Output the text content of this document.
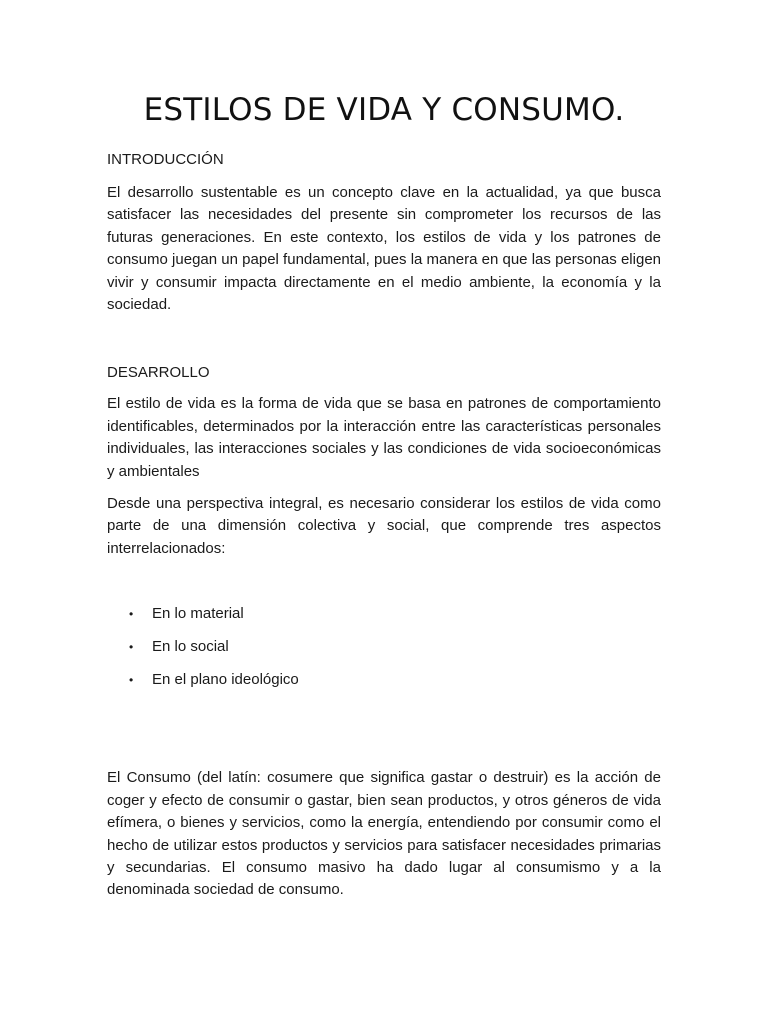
ESTILOS DE VIDA Y CONSUMO.

INTRODUCCIÓN

El desarrollo sustentable es un concepto clave en la actualidad, ya que busca satisfacer las necesidades del presente sin comprometer los recursos de las futuras generaciones. En este contexto, los estilos de vida y los patrones de consumo juegan un papel fundamental, pues la manera en que las personas eligen vivir y consumir impacta directamente en el medio ambiente, la economía y la sociedad.

DESARROLLO

El estilo de vida es la forma de vida que se basa en patrones de comportamiento identificables, determinados por la interacción entre las características personales individuales, las interacciones sociales y las condiciones de vida socioeconómicas y ambientales

Desde una perspectiva integral, es necesario considerar los estilos de vida como parte de una dimensión colectiva y social, que comprende tres aspectos interrelacionados:

• En lo material
• En lo social
• En el plano ideológico

El Consumo (del latín: cosumere que significa gastar o destruir) es la acción de coger y efecto de consumir o gastar, bien sean productos, y otros géneros de vida efímera, o bienes y servicios, como la energía, entendiendo por consumir como el hecho de utilizar estos productos y servicios para satisfacer necesidades primarias y secundarias. El consumo masivo ha dado lugar al consumismo y a la denominada sociedad de consumo.
